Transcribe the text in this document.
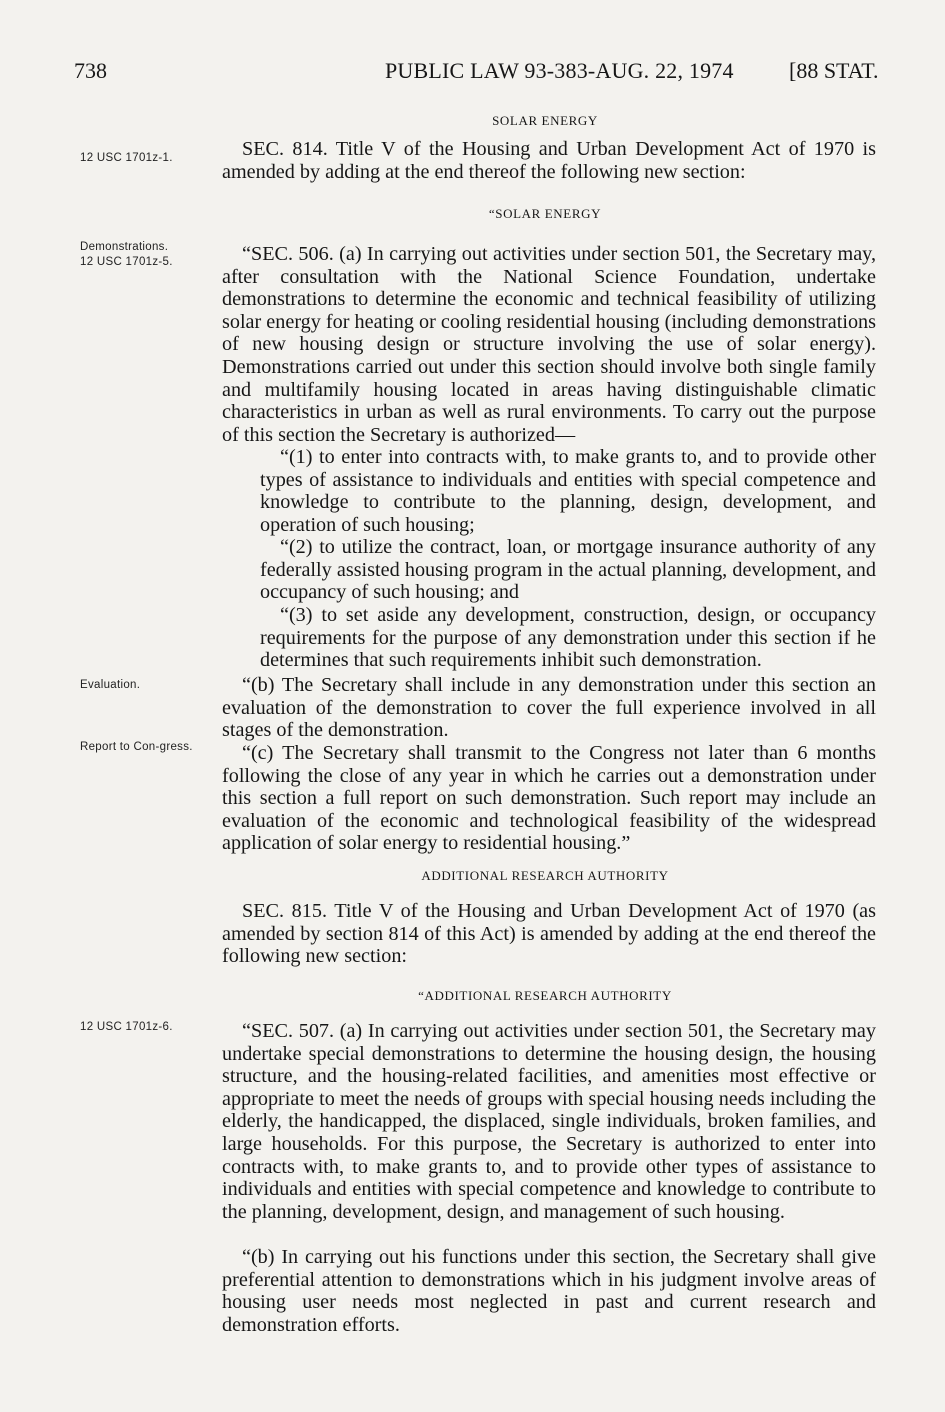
738	PUBLIC LAW 93-383-AUG. 22, 1974	[88 STAT.
SOLAR ENERGY
12 USC 1701z-1.	SEC. 814. Title V of the Housing and Urban Development Act of 1970 is amended by adding at the end thereof the following new section:

“SOLAR ENERGY
Demonstrations.
12 USC 1701z-5.	“SEC. 506. (a) In carrying out activities under section 501, the Secretary may, after consultation with the National Science Foundation, undertake demonstrations to determine the economic and technical feasibility of utilizing solar energy for heating or cooling residential housing (including demonstrations of new housing design or structure involving the use of solar energy). Demonstrations carried out under this section should involve both single family and multifamily housing located in areas having distinguishable climatic characteristics in urban as well as rural environments. To carry out the purpose of this section the Secretary is authorized—

“(1) to enter into contracts with, to make grants to, and to provide other types of assistance to individuals and entities with special competence and knowledge to contribute to the planning, design, development, and operation of such housing;

“(2) to utilize the contract, loan, or mortgage insurance authority of any federally assisted housing program in the actual planning, development, and occupancy of such housing; and

“(3) to set aside any development, construction, design, or occupancy requirements for the purpose of any demonstration under this section if he determines that such requirements inhibit such demonstration.

Evaluation.	“(b) The Secretary shall include in any demonstration under this section an evaluation of the demonstration to cover the full experience involved in all stages of the demonstration.

Report to Con-gress.	“(c) The Secretary shall transmit to the Congress not later than 6 months following the close of any year in which he carries out a demonstration under this section a full report on such demonstration. Such report may include an evaluation of the economic and technological feasibility of the widespread application of solar energy to residential housing.”

ADDITIONAL RESEARCH AUTHORITY

SEC. 815. Title V of the Housing and Urban Development Act of 1970 (as amended by section 814 of this Act) is amended by adding at the end thereof the following new section:

“ADDITIONAL RESEARCH AUTHORITY
12 USC 1701z-6.	“SEC. 507. (a) In carrying out activities under section 501, the Secretary may undertake special demonstrations to determine the housing design, the housing structure, and the housing-related facilities, and amenities most effective or appropriate to meet the needs of groups with special housing needs including the elderly, the handicapped, the displaced, single individuals, broken families, and large households. For this purpose, the Secretary is authorized to enter into contracts with, to make grants to, and to provide other types of assistance to individuals and entities with special competence and knowledge to contribute to the planning, development, design, and management of such housing.

“(b) In carrying out his functions under this section, the Secretary shall give preferential attention to demonstrations which in his judgment involve areas of housing user needs most neglected in past and current research and demonstration efforts.
